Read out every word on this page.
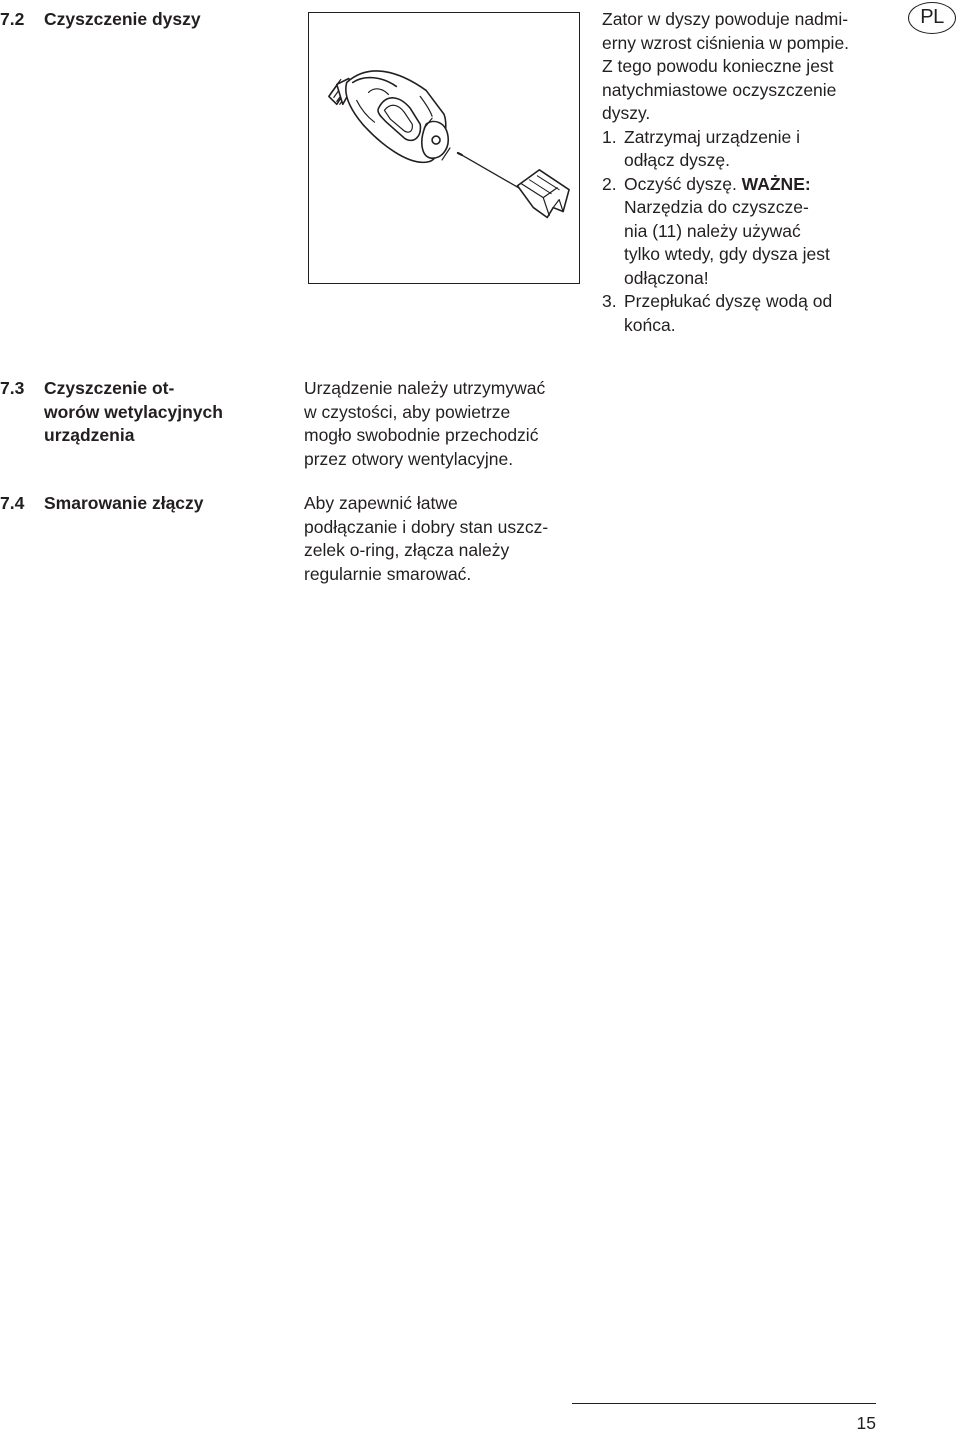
7.2 Czyszczenie dyszy	Zator w dyszy powoduje nadmi-
erny wzrost ciśnienia w pompie.
Z tego powodu konieczne jest
natychmiastowe oczyszczenie
dyszy.

1. Zatrzymaj urządzenie i
odłącz dyszę.
2. Oczyść dyszę. WAŻNE:
Narzędzia do czyszcze-
nia (11) należy używać
tylko wtedy, gdy dysza jest
odłączona!
3. Przepłukać dyszę wodą od
końca.
PL
7.3 Czyszczenie ot-
worów wetylacyjnych
urządzenia

Urządzenie należy utrzymywać
w czystości, aby powietrze
mogło swobodnie przechodzić
przez otwory wentylacyjne.

7.4 Smarowanie złączy	Aby zapewnić łatwe
podłączanie i dobry stan uszcz-
zelek o-ring, złącza należy
regularnie smarować.

15
